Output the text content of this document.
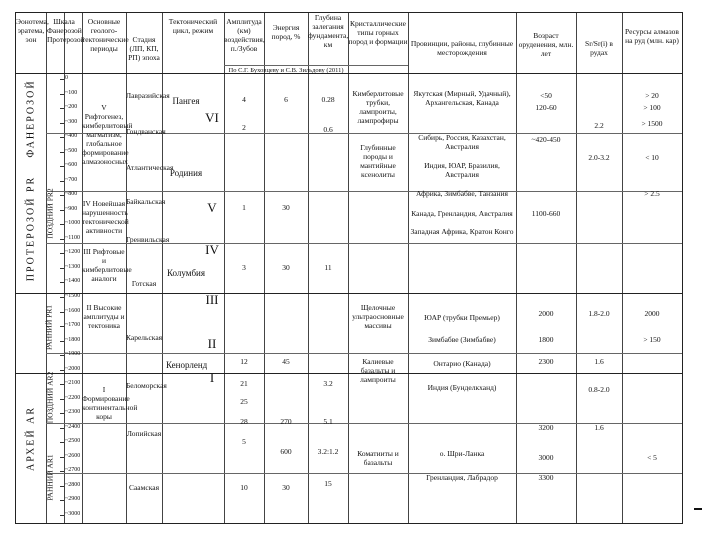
Эонотема, эратема, эон
Шкала Фанерозой Протерозой
Основные геолого-тектонические периоды
Стадия (ЛП, КП, РП) эпоха
Тектонический цикл, режим
Амплитуда (км) воздействия, п./Зубов
Энергия пород, %
Глубина залегания фундамента, км
По С.Г. Буховцеву и С.В. Зильдову (2011)
Кристаллические типы горных пород и формации Провинции, районы, глубинные месторождения
Возраст оруденения, млн. лет
Sr/Sr(i) в рудах
Ресурсы алмазов на руд (млн. кар)
ФАНЕРОЗОЙ
ПРОТЕРОЗОЙ PR
АРХЕЙ AR
ПОЗДНИЙ PR2
РАННИЙ PR1
ПОЗДНИЙ AR2
РАННИЙ AR1
V Рифтогенез, кимберлитовый магматизм, глобальное формирование алмазоносных
IV Новейшая нарушенность тектонической активности
III Рифтовые и кимберлитовые аналоги
II Высокие амплитуды и тектоника
I Формирование континентальной коры
Лавразийская
Гондванская
Атлантическая
Байкальская
Гренвильская
Готская
Карельская
Беломорская
Лопийская
Саамская
Пангея
Родиния
Колумбия
Кенорленд
VI
V
IV
III
II
I
4
2
1
3
12
21
25
28
5
10
6
30
30
45
270
600
30
0.28
0.6
11
3.2
5.1
3.2:1.2
15
Кимберлитовые трубки, лампроиты, лампрофиры
Глубинные породы и мантийные ксенолиты
Щелочные ультраосновные массивы
Калиевые базальты и лампроиты
Коматииты и базальты
Якутская (Мирный, Удачный), Архангельская, Канада
Сибирь, Россия, Казахстан, Австралия
Индия, ЮАР, Бразилия, Австралия
Африка, Зимбабве, Танзания
Канада, Гренландия, Австралия
Западная Африка, Кратон Конго
ЮАР (трубки Премьер)
Зимбабве (Зимбабве)
Онтарио (Канада)
Индия (Бунделкханд)
о. Шри-Ланка
Гренландия, Лабрадор
<50
120-60
~420-450
1100-660
2000
1800
2300
3200
3000
3300
2.2
2.0-3.2
1.8-2.0
1.6
0.8-2.0
1.6
> 20
> 100
> 1500
< 10
> 2.5
2000
> 150
< 5
0
~100
~200
~300
~400
~500
~600
~700
~800
~900
~1000
~1100
~1200
~1300
~1400
~1500
~1600
~1700
~1800
~1900
~2000
~2100
~2200
~2300
~2400
~2500
~2600
~2700
~2800
~2900
~3000
